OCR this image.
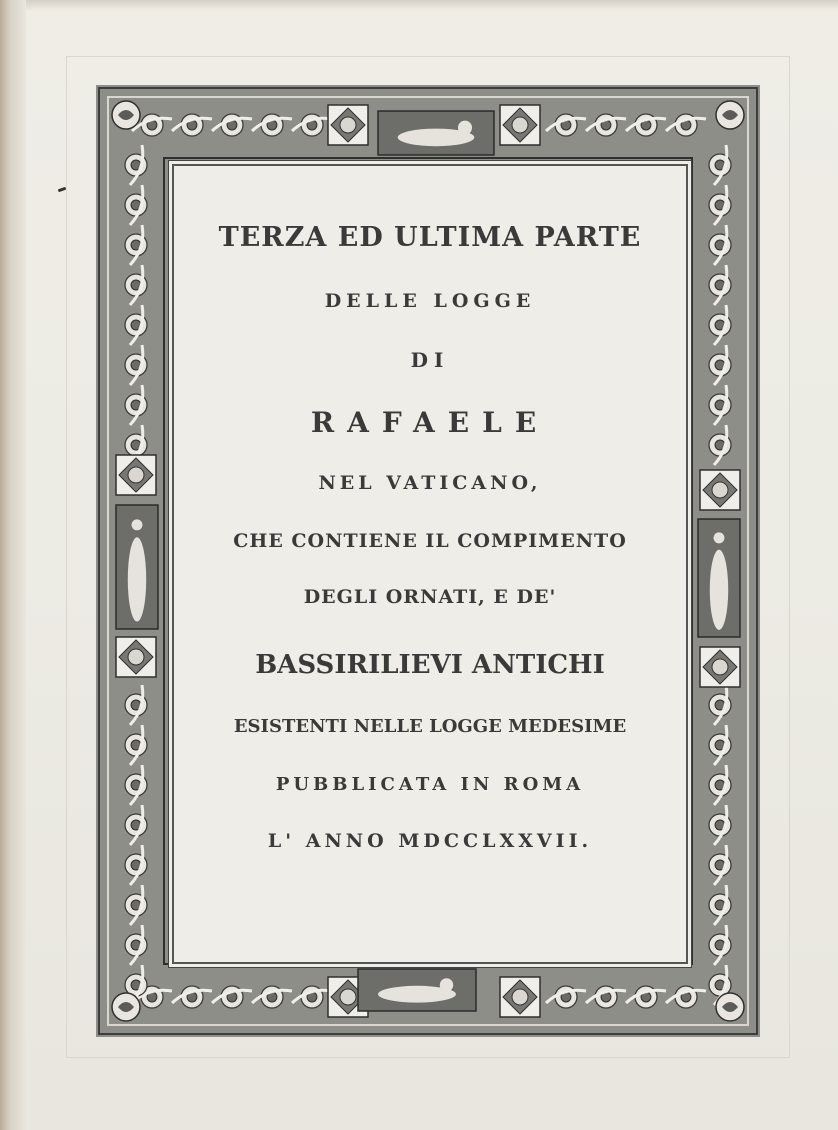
TERZA ED ULTIMA PARTE
DELLE LOGGE
DI
RAFAELE
NEL VATICANO,
CHE CONTIENE IL COMPIMENTO
DEGLI ORNATI, E DE'
BASSIRILIEVI ANTICHI
ESISTENTI NELLE LOGGE MEDESIME
PUBBLICATA IN ROMA
L' ANNO MDCCLXXVII.
